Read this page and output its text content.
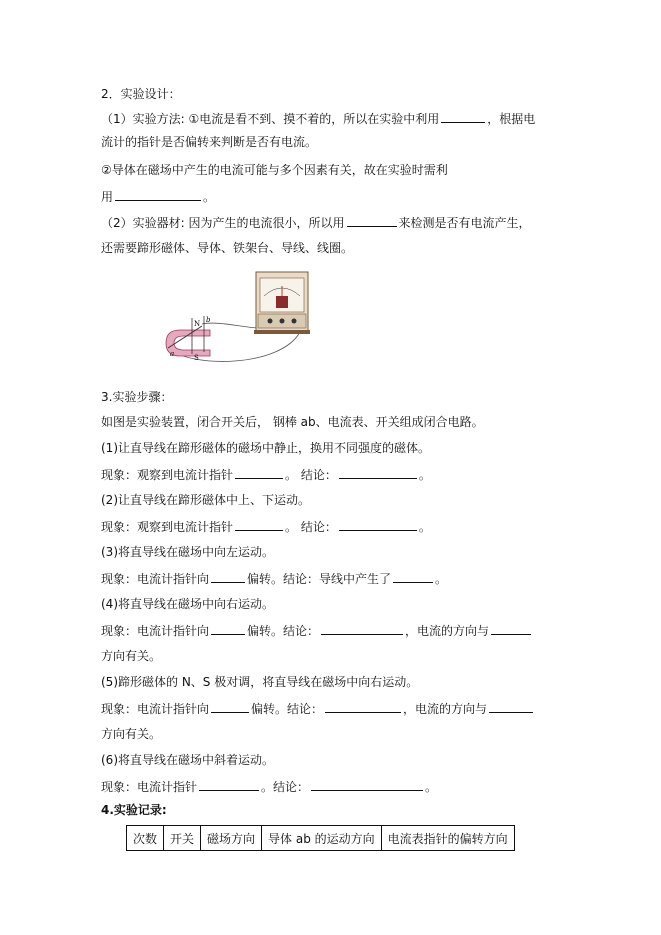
2．实验设计：
（1）实验方法: ①电流是看不到、摸不着的，所以在实验中利用	，根据电
流计的指针是否偏转来判断是否有电流。
②导体在磁场中产生的电流可能与多个因素有关，故在实验时需利
用	。
（2）实验器材: 因为产生的电流很小，所以用	来检测是否有电流产生，
还需要蹄形磁体、导体、铁架台、导线、线圈。
N
S
a
b
3.实验步骤：
如图是实验装置，闭合开关后， 钢棒 ab、电流表、开关组成闭合电路。
(1)让直导线在蹄形磁体的磁场中静止，换用不同强度的磁体。
现象：观察到电流计指针	。 结论：	。
(2)让直导线在蹄形磁体中上、下运动。
现象：观察到电流计指针	。 结论：	。
(3)将直导线在磁场中向左运动。
现象：电流计指针向	偏转。结论：导线中产生了	。
(4)将直导线在磁场中向右运动。
现象：电流计指针向	偏转。结论：	，电流的方向与
方向有关。
(5)蹄形磁体的 N、S 极对调，将直导线在磁场中向右运动。
现象：电流计指针向	偏转。结论：	，电流的方向与
方向有关。
(6)将直导线在磁场中斜着运动。
现象：电流计指针	。结论：	。
4.实验记录:
次数	开关	磁场方向	导体 ab 的运动方向	电流表指针的偏转方向
